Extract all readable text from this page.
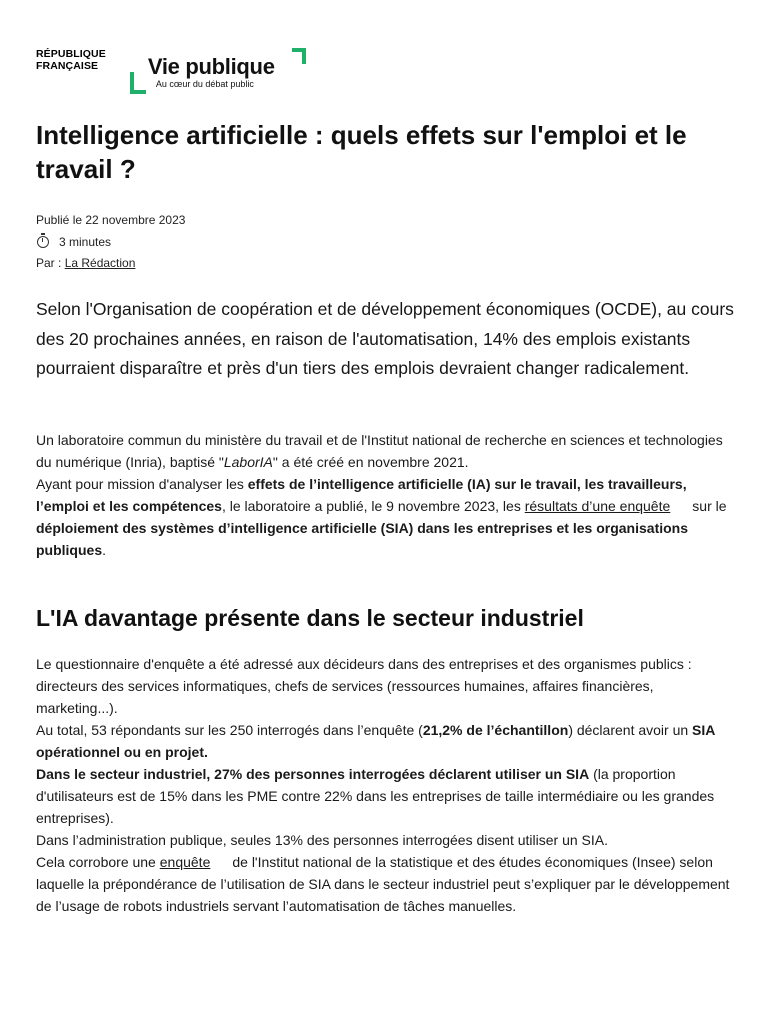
RÉPUBLIQUE
FRANÇAISE	Vie publique
Au cœur du débat public
Intelligence artificielle : quels effets sur l'emploi et le travail ?
Publié le 22 novembre 2023
3 minutes
Par : La Rédaction

Selon l'Organisation de coopération et de développement économiques (OCDE), au cours des 20 prochaines années, en raison de l'automatisation, 14% des emplois existants pourraient disparaître et près d'un tiers des emplois devraient changer radicalement.

Un laboratoire commun du ministère du travail et de l'Institut national de recherche en sciences et technologies du numérique (Inria), baptisé "LaborIA" a été créé en novembre 2021.

Ayant pour mission d'analyser les effets de l’intelligence artificielle (IA) sur le travail, les travailleurs, l’emploi et les compétences, le laboratoire a publié, le 9 novembre 2023, les résultats d’une enquête sur le déploiement des systèmes d’intelligence artificielle (SIA) dans les entreprises et les organisations publiques.

L'IA davantage présente dans le secteur industriel

Le questionnaire d'enquête a été adressé aux décideurs dans des entreprises et des organismes publics : directeurs des services informatiques, chefs de services (ressources humaines, affaires financières, marketing...).

Au total, 53 répondants sur les 250 interrogés dans l’enquête (21,2% de l’échantillon) déclarent avoir un SIA opérationnel ou en projet.

Dans le secteur industriel, 27% des personnes interrogées déclarent utiliser un SIA (la proportion d'utilisateurs est de 15% dans les PME contre 22% dans les entreprises de taille intermédiaire ou les grandes entreprises).

Dans l’administration publique, seules 13% des personnes interrogées disent utiliser un SIA.

Cela corrobore une enquête de l'Institut national de la statistique et des études économiques (Insee) selon laquelle la prépondérance de l’utilisation de SIA dans le secteur industriel peut s’expliquer par le développement de l’usage de robots industriels servant l’automatisation de tâches manuelles.
